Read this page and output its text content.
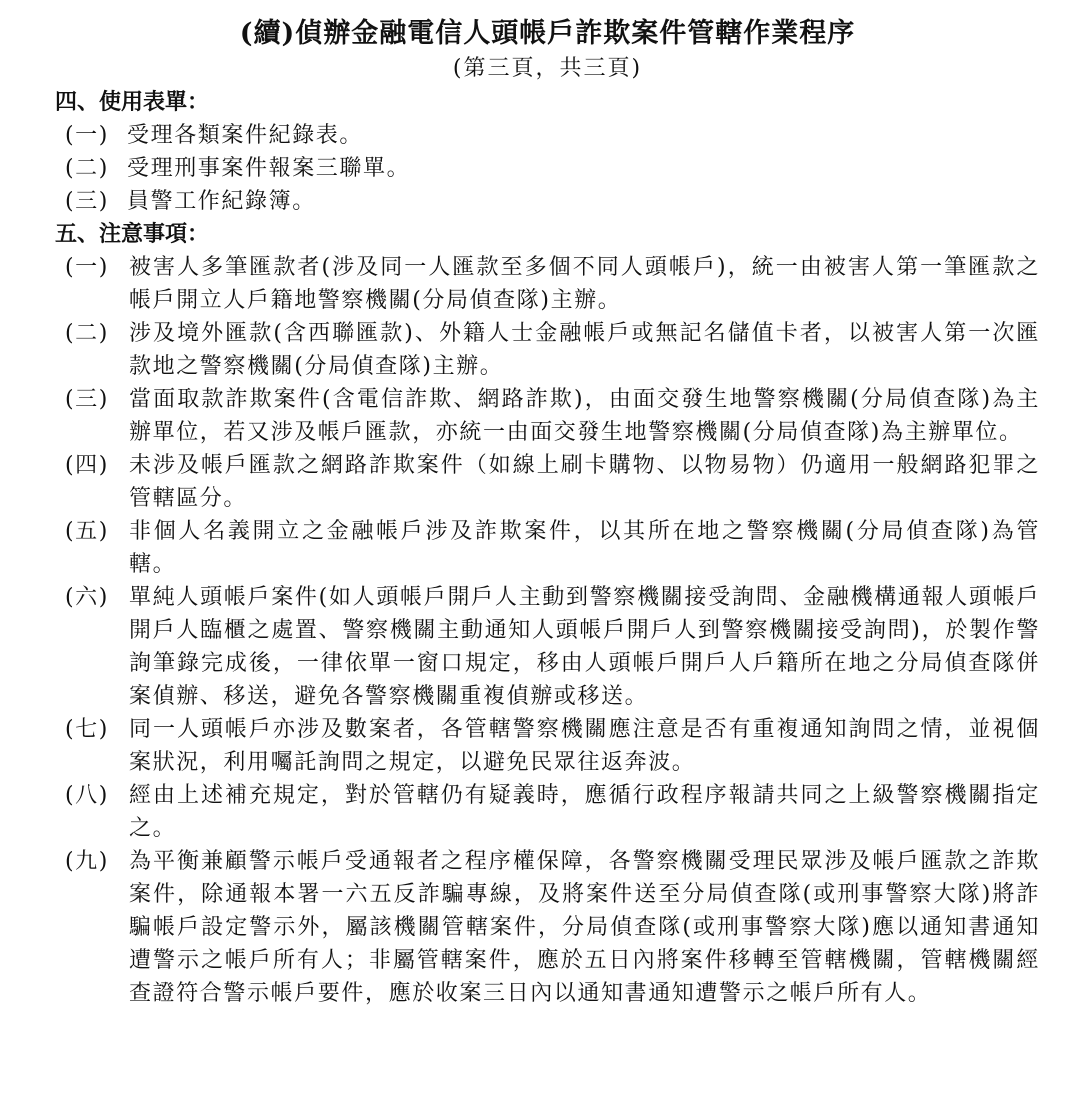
(續)偵辦金融電信人頭帳戶詐欺案件管轄作業程序
(第三頁，共三頁)
四、使用表單：
(一) 受理各類案件紀錄表。
(二) 受理刑事案件報案三聯單。
(三) 員警工作紀錄簿。
五、注意事項：
(一) 被害人多筆匯款者(涉及同一人匯款至多個不同人頭帳戶)，統一由被害人第一筆匯款之帳戶開立人戶籍地警察機關(分局偵查隊)主辦。
(二) 涉及境外匯款(含西聯匯款)、外籍人士金融帳戶或無記名儲值卡者，以被害人第一次匯款地之警察機關(分局偵查隊)主辦。
(三) 當面取款詐欺案件(含電信詐欺、網路詐欺)，由面交發生地警察機關(分局偵查隊)為主辦單位，若又涉及帳戶匯款，亦統一由面交發生地警察機關(分局偵查隊)為主辦單位。
(四) 未涉及帳戶匯款之網路詐欺案件（如線上刷卡購物、以物易物）仍適用一般網路犯罪之管轄區分。
(五) 非個人名義開立之金融帳戶涉及詐欺案件，以其所在地之警察機關(分局偵查隊)為管轄。
(六) 單純人頭帳戶案件(如人頭帳戶開戶人主動到警察機關接受詢問、金融機構通報人頭帳戶開戶人臨櫃之處置、警察機關主動通知人頭帳戶開戶人到警察機關接受詢問)，於製作警詢筆錄完成後，一律依單一窗口規定，移由人頭帳戶開戶人戶籍所在地之分局偵查隊併案偵辦、移送，避免各警察機關重複偵辦或移送。
(七) 同一人頭帳戶亦涉及數案者，各管轄警察機關應注意是否有重複通知詢問之情，並視個案狀況，利用囑託詢問之規定，以避免民眾往返奔波。
(八) 經由上述補充規定，對於管轄仍有疑義時，應循行政程序報請共同之上級警察機關指定之。
(九) 為平衡兼顧警示帳戶受通報者之程序權保障，各警察機關受理民眾涉及帳戶匯款之詐欺案件，除通報本署一六五反詐騙專線，及將案件送至分局偵查隊(或刑事警察大隊)將詐騙帳戶設定警示外，屬該機關管轄案件，分局偵查隊(或刑事警察大隊)應以通知書通知遭警示之帳戶所有人；非屬管轄案件，應於五日內將案件移轉至管轄機關，管轄機關經查證符合警示帳戶要件，應於收案三日內以通知書通知遭警示之帳戶所有人。
